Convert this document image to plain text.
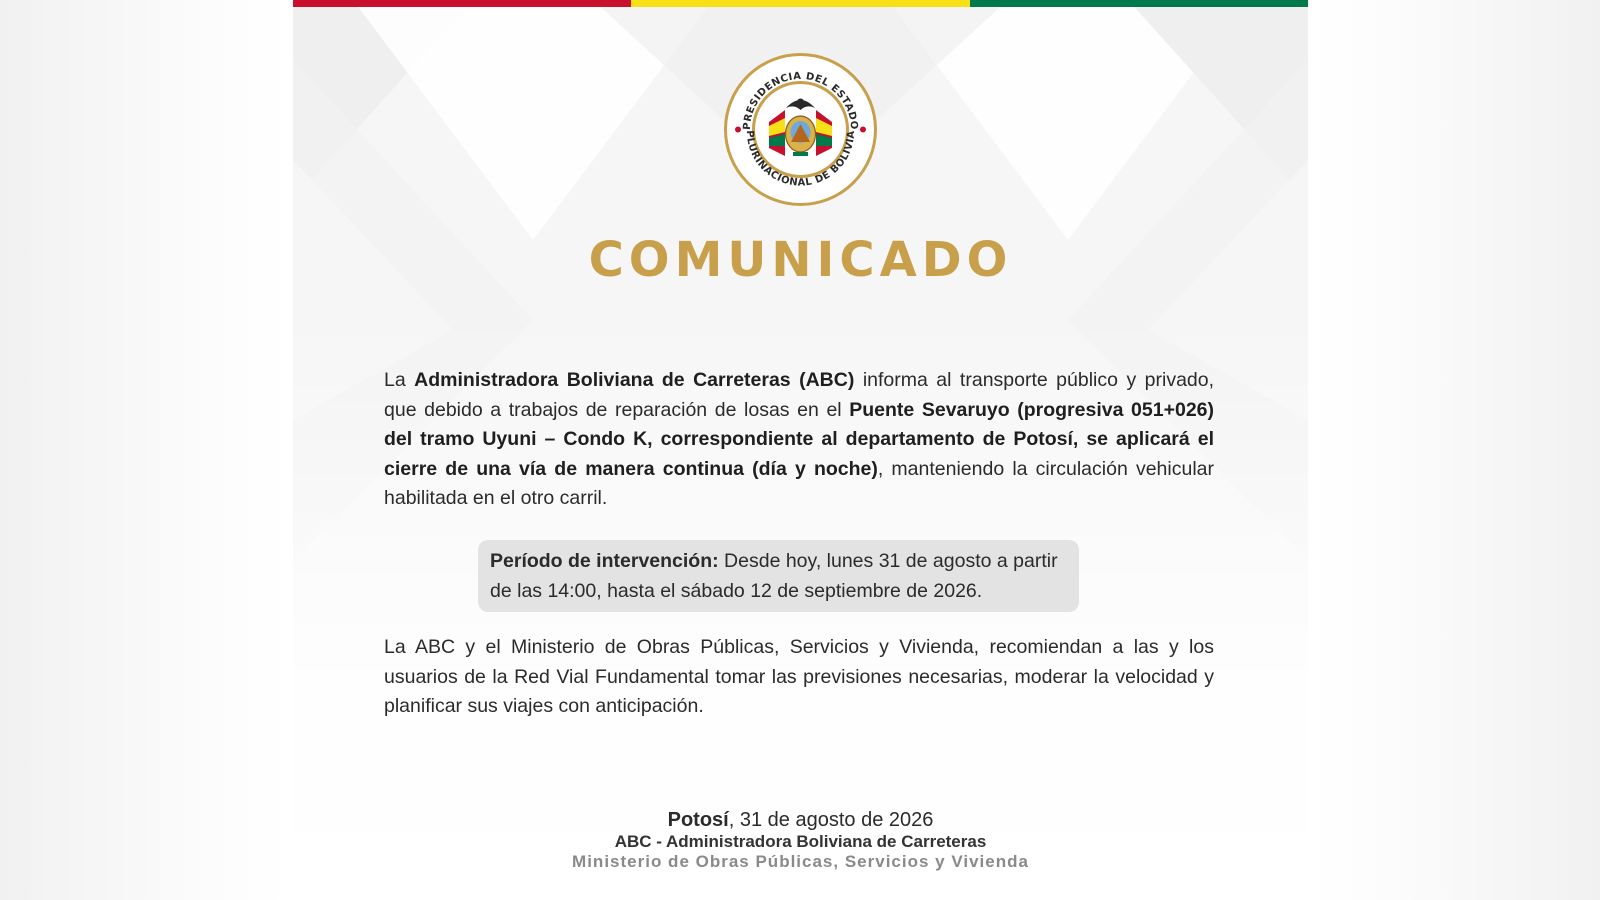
PRESIDENCIA DEL ESTADO
PLURINACIONAL DE BOLIVIA
COMUNICADO
La Administradora Boliviana de Carreteras (ABC) informa al transporte público y privado, que debido a trabajos de reparación de losas en el Puente Sevaruyo (progresiva 051+026) del tramo Uyuni – Condo K, correspondiente al departamento de Potosí, se aplicará el cierre de una vía de manera continua (día y noche), manteniendo la circulación vehicular habilitada en el otro carril.
Período de intervención: Desde hoy, lunes 31 de agosto a partir de las 14:00, hasta el sábado 12 de septiembre de 2026.
La ABC y el Ministerio de Obras Públicas, Servicios y Vivienda, recomiendan a las y los usuarios de la Red Vial Fundamental tomar las previsiones necesarias, moderar la velocidad y planificar sus viajes con anticipación.
Potosí, 31 de agosto de 2026
ABC - Administradora Boliviana de Carreteras
Ministerio de Obras Públicas, Servicios y Vivienda
